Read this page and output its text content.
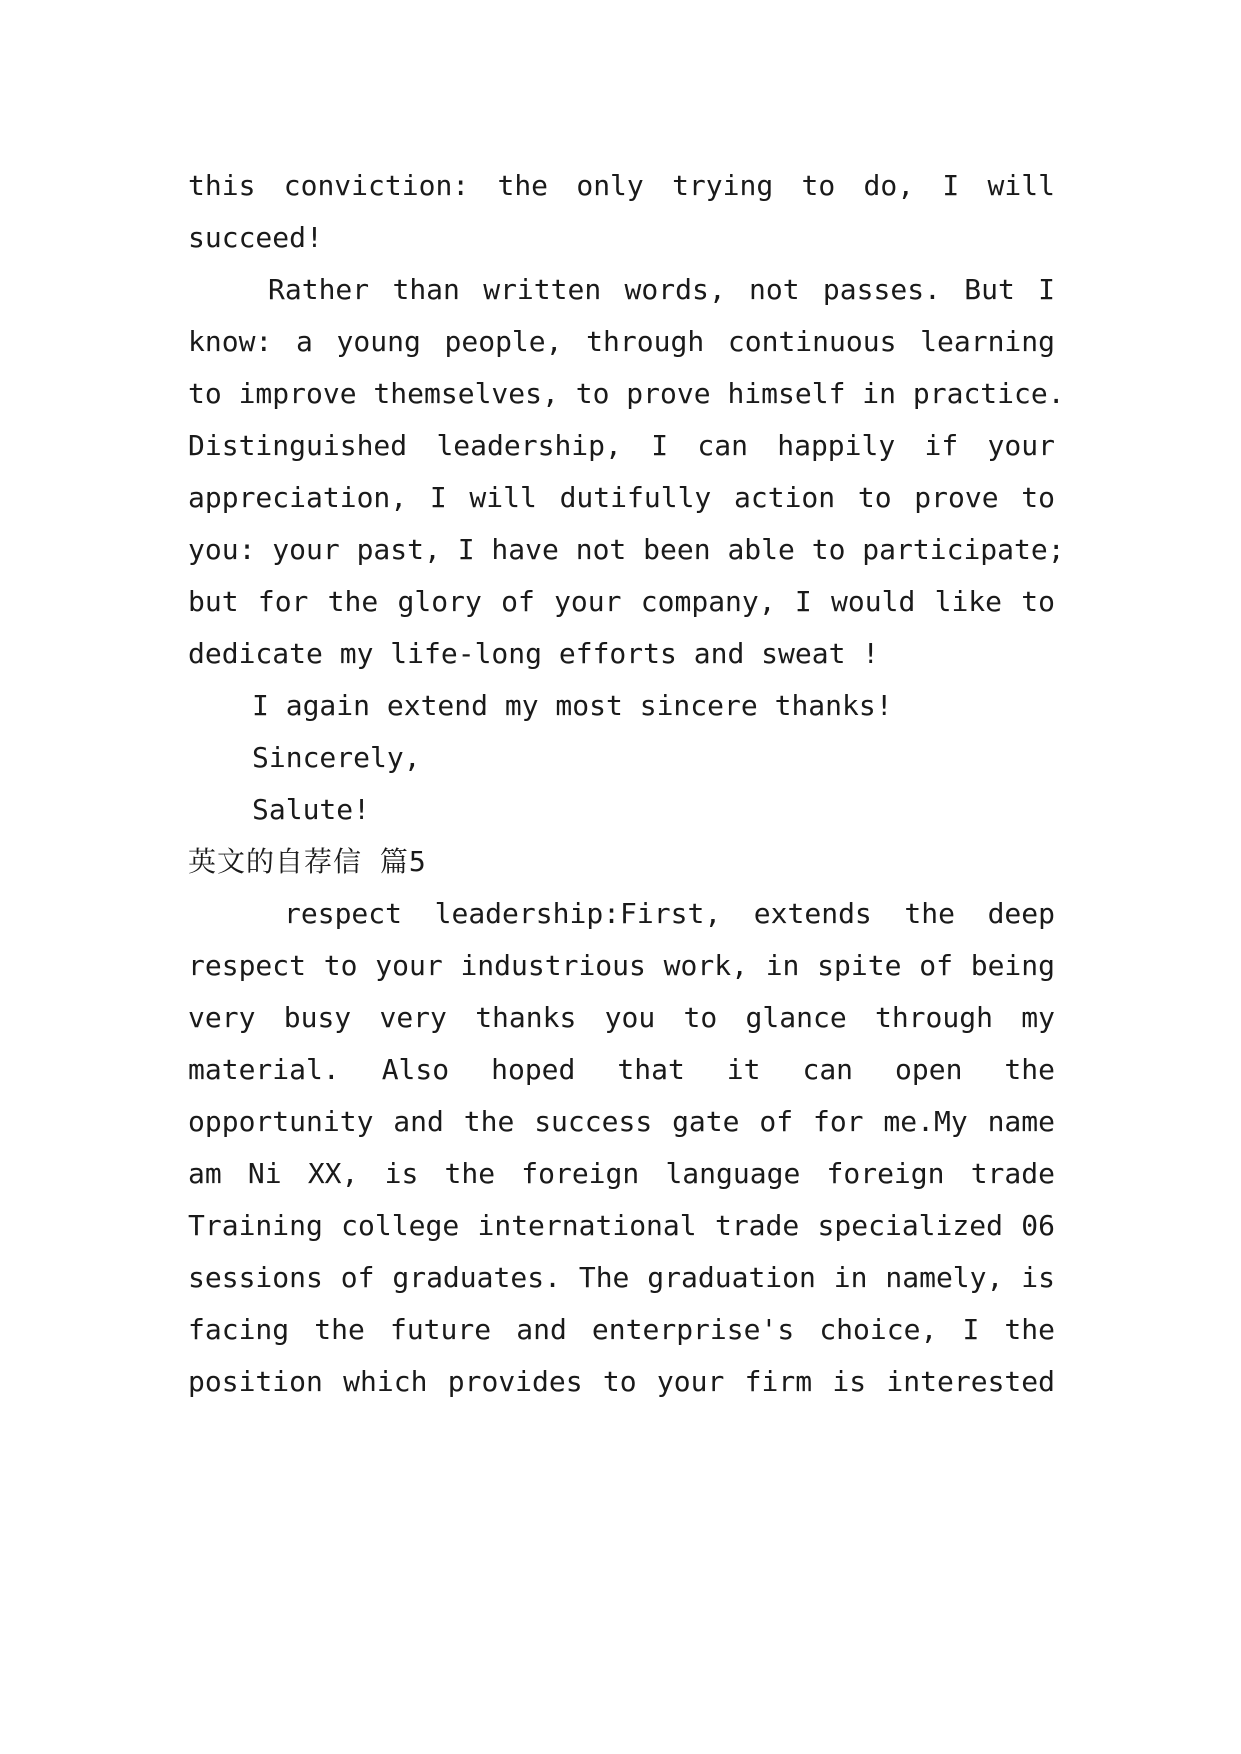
this conviction: the only trying to do, I will

succeed!

Rather than written words, not passes. But I

know: a young people, through continuous learning

to improve themselves, to prove himself in practice.

Distinguished leadership, I can happily if your

appreciation, I will dutifully action to prove to

you: your past, I have not been able to participate;

but for the glory of your company, I would like to

dedicate my life-long efforts and sweat !

I again extend my most sincere thanks!

Sincerely,

Salute!

英文的自荐信 篇5

respect leadership:First, extends the deep

respect to your industrious work, in spite of being

very busy very thanks you to glance through my

material. Also hoped that it can open the

opportunity and the success gate of for me.My name

am Ni XX, is the foreign language foreign trade

Training college international trade specialized 06

sessions of graduates. The graduation in namely, is

facing the future and enterprise's choice, I the

position which provides to your firm is interested
